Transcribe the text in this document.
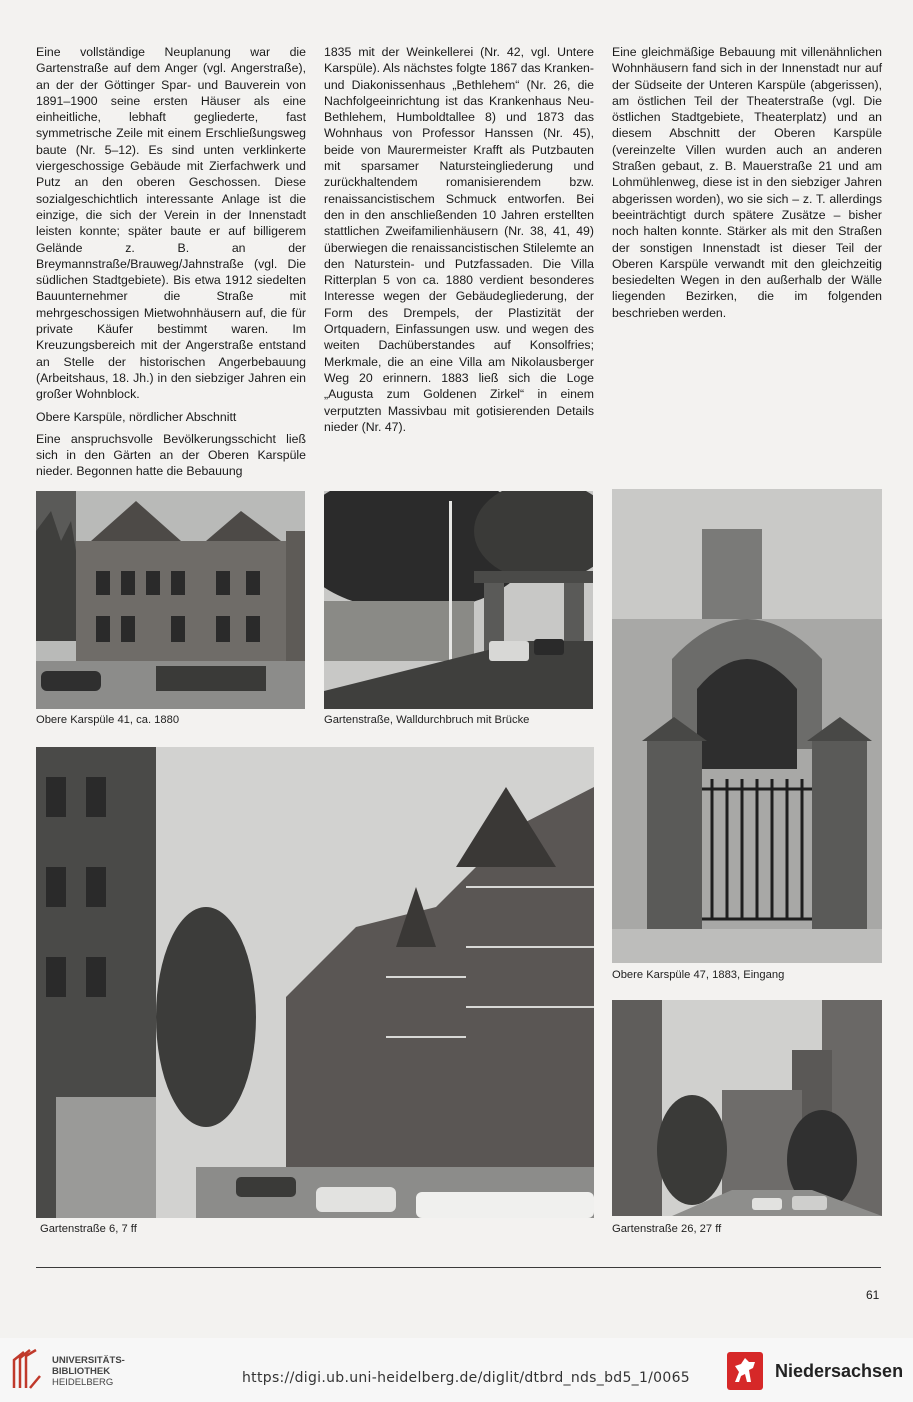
Eine vollständige Neuplanung war die Gartenstraße auf dem Anger (vgl. Angerstraße), an der der Göttinger Spar- und Bauverein von 1891–1900 seine ersten Häuser als eine einheitliche, lebhaft gegliederte, fast symmetrische Zeile mit einem Erschließungsweg baute (Nr. 5–12). Es sind unten verklinkerte viergeschossige Gebäude mit Zierfachwerk und Putz an den oberen Geschossen. Diese sozialgeschichtlich interessante Anlage ist die einzige, die sich der Verein in der Innenstadt leisten konnte; später baute er auf billigerem Gelände z. B. an der Breymannstraße/Brauweg/Jahnstraße (vgl. Die südlichen Stadtgebiete). Bis etwa 1912 siedelten Bauunternehmer die Straße mit mehrgeschossigen Mietwohnhäusern auf, die für private Käufer bestimmt waren. Im Kreuzungsbereich mit der Angerstraße entstand an Stelle der historischen Angerbebauung (Arbeitshaus, 18. Jh.) in den siebziger Jahren ein großer Wohnblock.

Obere Karspüle, nördlicher Abschnitt

Eine anspruchsvolle Bevölkerungsschicht ließ sich in den Gärten an der Oberen Karspüle nieder. Begonnen hatte die Bebauung

1835 mit der Weinkellerei (Nr. 42, vgl. Untere Karspüle). Als nächstes folgte 1867 das Kranken- und Diakonissenhaus „Bethlehem“ (Nr. 26, die Nachfolgeeinrichtung ist das Krankenhaus Neu-Bethlehem, Humboldtallee 8) und 1873 das Wohnhaus von Professor Hanssen (Nr. 45), beide von Maurermeister Krafft als Putzbauten mit sparsamer Natursteingliederung und zurückhaltendem romanisierendem bzw. renaissancistischem Schmuck entworfen. Bei den in den anschließenden 10 Jahren erstellten stattlichen Zweifamilienhäusern (Nr. 38, 41, 49) überwiegen die renaissancistischen Stilelemte an den Naturstein- und Putzfassaden. Die Villa Ritterplan 5 von ca. 1880 verdient besonderes Interesse wegen der Gebäudegliederung, der Form des Drempels, der Plastizität der Ortquadern, Einfassungen usw. und wegen des weiten Dachüberstandes auf Konsolfries; Merkmale, die an eine Villa am Nikolausberger Weg 20 erinnern. 1883 ließ sich die Loge „Augusta zum Goldenen Zirkel“ in einem verputzten Massivbau mit gotisierenden Details nieder (Nr. 47).

Eine gleichmäßige Bebauung mit villenähnlichen Wohnhäusern fand sich in der Innenstadt nur auf der Südseite der Unteren Karspüle (abgerissen), am östlichen Teil der Theaterstraße (vgl. Die östlichen Stadtgebiete, Theaterplatz) und an diesem Abschnitt der Oberen Karspüle (vereinzelte Villen wurden auch an anderen Straßen gebaut, z. B. Mauerstraße 21 und am Lohmühlenweg, diese ist in den siebziger Jahren abgerissen worden), wo sie sich – z. T. allerdings beeinträchtigt durch spätere Zusätze – bisher noch halten konnte. Stärker als mit den Straßen der sonstigen Innenstadt ist dieser Teil der Oberen Karspüle verwandt mit den gleichzeitig besiedelten Wegen in den außerhalb der Wälle liegenden Bezirken, die im folgenden beschrieben werden.

Obere Karspüle 41, ca. 1880	Gartenstraße, Walldurchbruch mit Brücke
Obere Karspüle 47, 1883, Eingang
Gartenstraße 6, 7 ff	Gartenstraße 26, 27 ff
61
UNIVERSITÄTS-
BIBLIOTHEK
HEIDELBERG	https://digi.ub.uni-heidelberg.de/diglit/dtbrd_nds_bd5_1/0065	Niedersachsen
